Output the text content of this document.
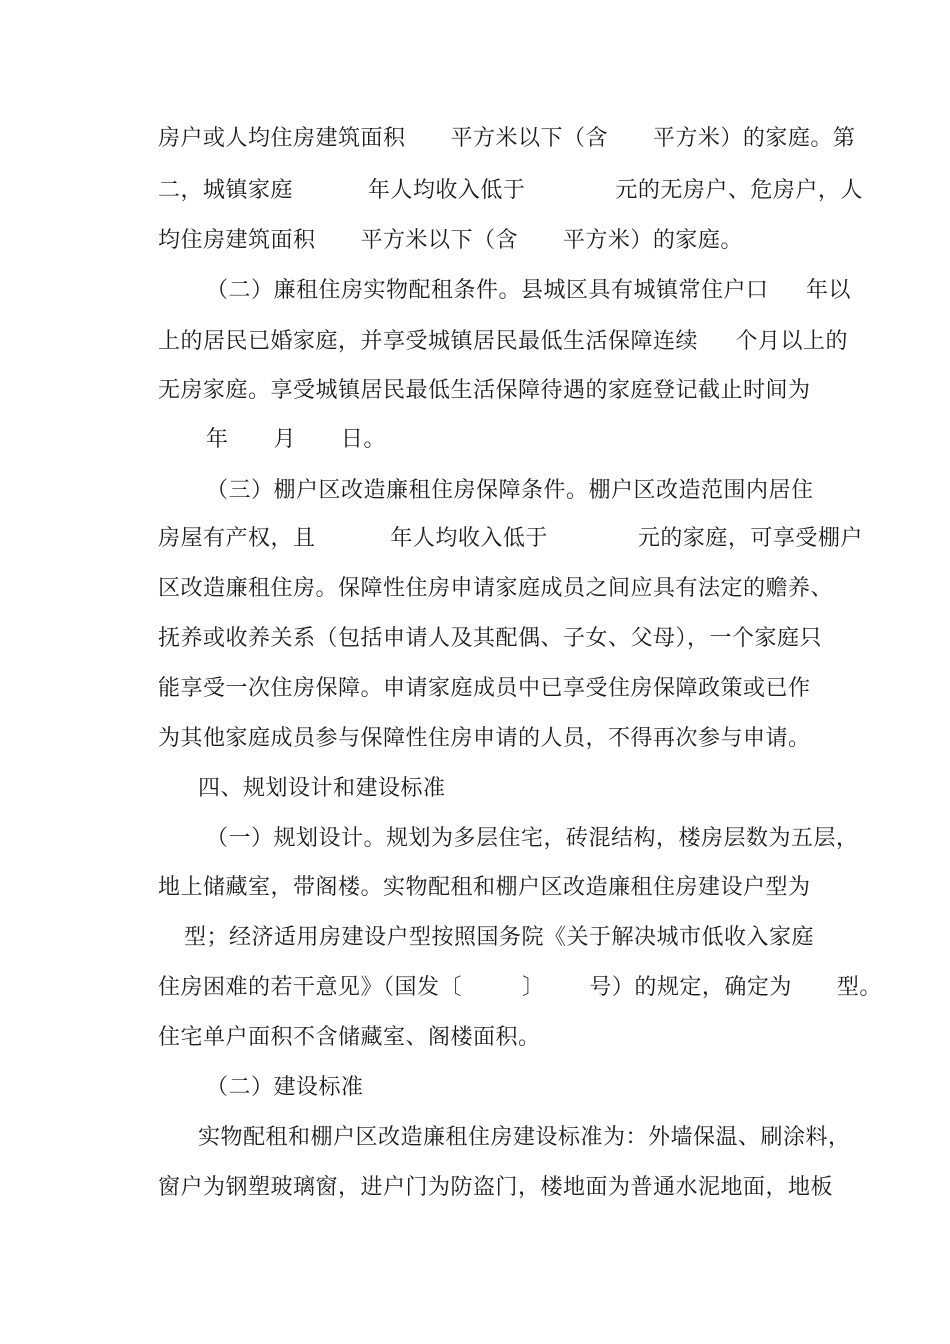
房户或人均住房建筑面积      平方米以下（含      平方米）的家庭。第
二，城镇家庭          年人均收入低于            元的无房户、危房户，人
均住房建筑面积      平方米以下（含      平方米）的家庭。
（二）廉租住房实物配租条件。县城区具有城镇常住户口     年以
上的居民已婚家庭，并享受城镇居民最低生活保障连续     个月以上的
无房家庭。享受城镇居民最低生活保障待遇的家庭登记截止时间为
年      月      日。
（三）棚户区改造廉租住房保障条件。棚户区改造范围内居住
房屋有产权，且          年人均收入低于            元的家庭，可享受棚户
区改造廉租住房。保障性住房申请家庭成员之间应具有法定的赡养、
抚养或收养关系（包括申请人及其配偶、子女、父母），一个家庭只
能享受一次住房保障。申请家庭成员中已享受住房保障政策或已作
为其他家庭成员参与保障性住房申请的人员，不得再次参与申请。
四、规划设计和建设标准
（一）规划设计。规划为多层住宅，砖混结构，楼房层数为五层，
地上储藏室，带阁楼。实物配租和棚户区改造廉租住房建设户型为
型；经济适用房建设户型按照国务院《关于解决城市低收入家庭
住房困难的若干意见》（国发〔        〕      号）的规定，确定为      型。
住宅单户面积不含储藏室、阁楼面积。
（二）建设标准
实物配租和棚户区改造廉租住房建设标准为：外墙保温、刷涂料，
窗户为钢塑玻璃窗，进户门为防盗门，楼地面为普通水泥地面，地板
